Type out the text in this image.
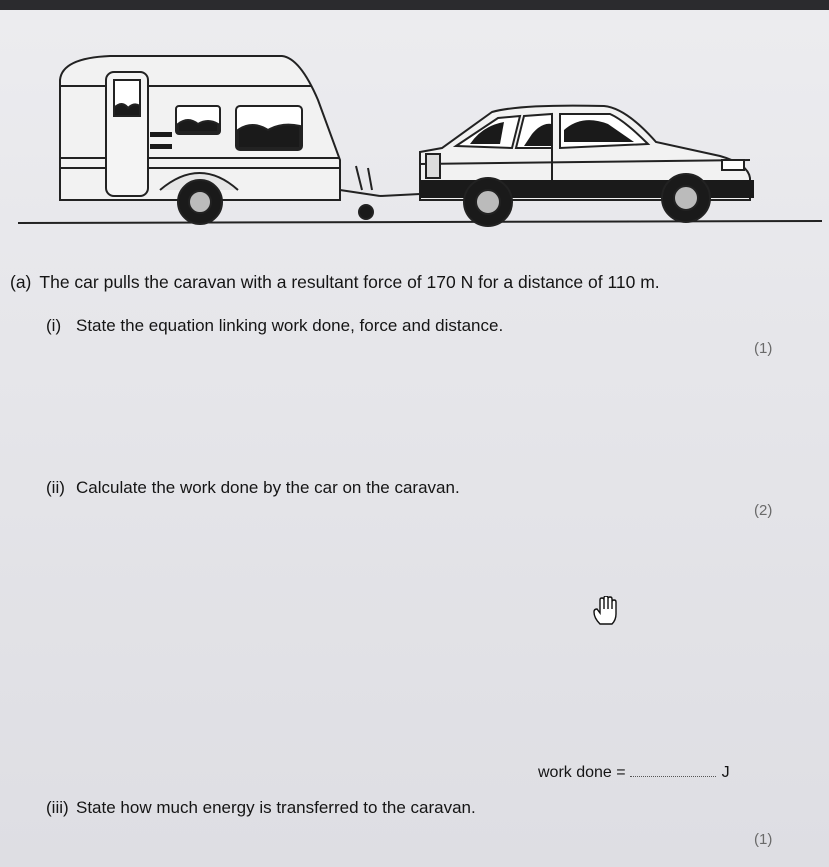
(a) The car pulls the caravan with a resultant force of 170 N for a distance of 110 m.
(i) State the equation linking work done, force and distance.
(1)
(ii) Calculate the work done by the car on the caravan.
(2)
work done =	J
(iii) State how much energy is transferred to the caravan.
(1)
